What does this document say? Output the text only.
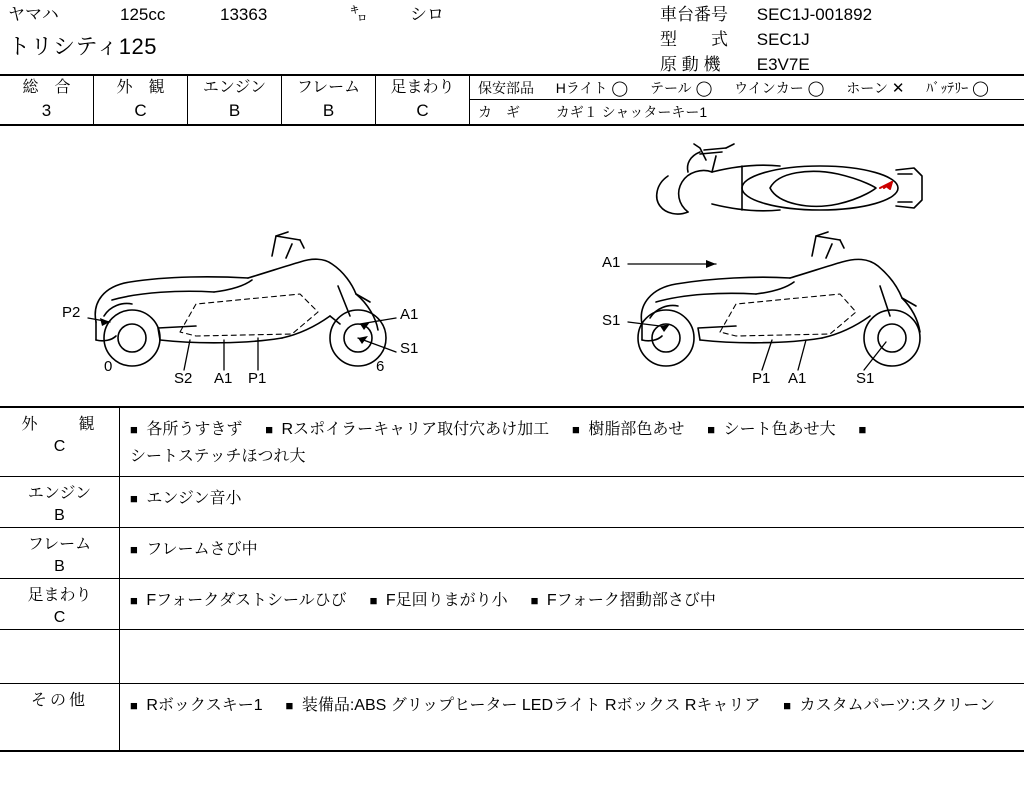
ヤマハ	125cc	13363	㌔	シロ
トリシティ125
車台番号 SEC1J-001892
型　　式 SEC1J
原 動 機 E3V7E
総　合
3
外　観
C
エンジン
B
フレーム
B
足まわり
C
保安部品 Hライト ◯ テール ◯ ウインカー ◯ ホーン ✕ ﾊﾞｯﾃﾘｰ ◯
カ　ギ	カギ１ シャッターキー1
P2	A1
S1
0
S2 A1 P1
6
A1
S1
P1 A1	S1
外　　観
C
■ 各所うすきず ■ Rスポイラーキャリア取付穴あけ加工 ■ 樹脂部色あせ ■ シート色あせ大 ■ シートステッチほつれ大
エンジン
B
■ エンジン音小
フレーム
B
■ フレームさび中
足まわり
C
■ Fフォークダストシールひび ■ F足回りまがり小 ■ Fフォーク摺動部さび中
その他	■ Rボックスキー1 ■ 装備品:ABS グリップヒーター LEDライト Rボックス Rキャリア ■ カスタムパーツ:スクリーン
